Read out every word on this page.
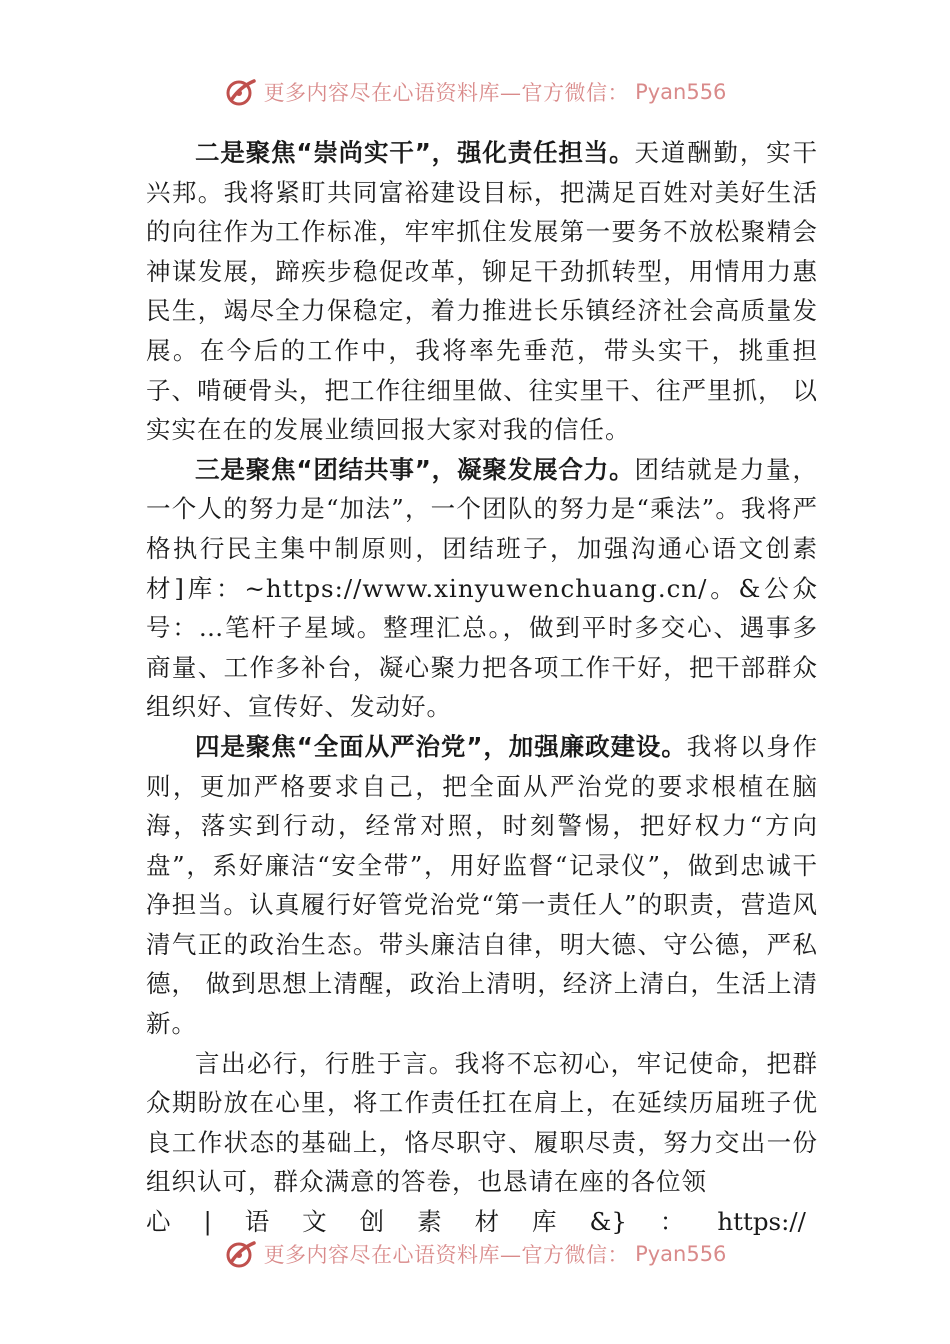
更多内容尽在心语资料库—官方微信： Pyan556

二是聚焦“崇尚实干”，强化责任担当。天道酬勤，实干兴邦。我将紧盯共同富裕建设目标，把满足百姓对美好生活的向往作为工作标准，牢牢抓住发展第一要务不放松聚精会神谋发展，蹄疾步稳促改革，铆足干劲抓转型，用情用力惠民生，竭尽全力保稳定，着力推进长乐镇经济社会高质量发展。在今后的工作中，我将率先垂范，带头实干，挑重担子、啃硬骨头，把工作往细里做、往实里干、往严里抓， 以实实在在的发展业绩回报大家对我的信任。

三是聚焦“团结共事”，凝聚发展合力。团结就是力量，一个人的努力是“加法”，一个团队的努力是“乘法”。我将严格执行民主集中制原则，团结班子，加强沟通心语文创素材]库：~https://www.xinyuwenchuang.cn/。&公众号：…笔杆子星域。整理汇总。，做到平时多交心、遇事多商量、工作多补台，凝心聚力把各项工作干好，把干部群众组织好、宣传好、发动好。

四是聚焦“全面从严治党”，加强廉政建设。我将以身作则，更加严格要求自己，把全面从严治党的要求根植在脑海，落实到行动，经常对照，时刻警惕，把好权力“方向盘”，系好廉洁“安全带”，用好监督“记录仪”，做到忠诚干净担当。认真履行好管党治党“第一责任人”的职责，营造风清气正的政治生态。带头廉洁自律，明大德、守公德，严私德， 做到思想上清醒，政治上清明，经济上清白，生活上清新。

言出必行，行胜于言。我将不忘初心，牢记使命，把群众期盼放在心里，将工作责任扛在肩上，在延续历届班子优良工作状态的基础上，恪尽职守、履职尽责，努力交出一份组织认可，群众满意的答卷，也恳请在座的各位领

心 | 语 文 创 素 材 库 &} ： https://
更多内容尽在心语资料库—官方微信： Pyan556
